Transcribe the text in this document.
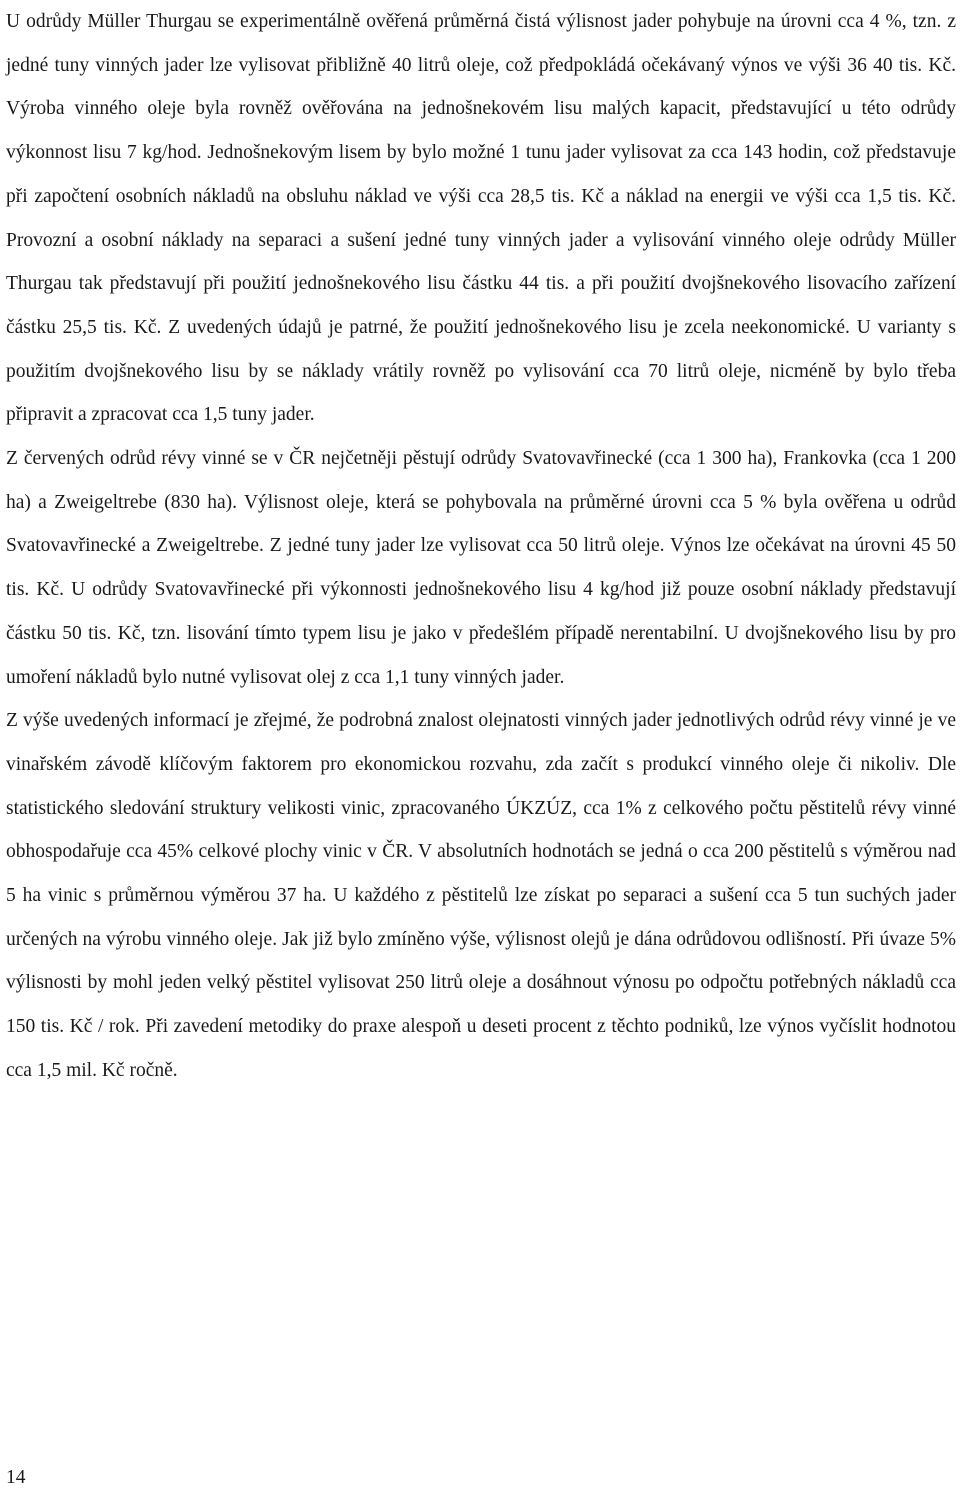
U odrůdy Müller Thurgau se experimentálně ověřená průměrná čistá výlisnost jader pohybuje na úrovni cca 4 %, tzn. z jedné tuny vinných jader lze vylisovat přibližně 40 litrů oleje, což předpokládá očekávaný výnos ve výši 36 40 tis. Kč. Výroba vinného oleje byla rovněž ověřována na jednošnekovém lisu malých kapacit, představující u této odrůdy výkonnost lisu 7 kg/hod. Jednošnekovým lisem by bylo možné 1 tunu jader vylisovat za cca 143 hodin, což představuje při započtení osobních nákladů na obsluhu náklad ve výši cca 28,5 tis. Kč a náklad na energii ve výši cca 1,5 tis. Kč. Provozní a osobní náklady na separaci a sušení jedné tuny vinných jader a vylisování vinného oleje odrůdy Müller Thurgau tak představují při použití jednošnekového lisu částku 44 tis. a při použití dvojšnekového lisovacího zařízení částku 25,5 tis. Kč. Z uvedených údajů je patrné, že použití jednošnekového lisu je zcela neekonomické. U varianty s použitím dvojšnekového lisu by se náklady vrátily rovněž po vylisování cca 70 litrů oleje, nicméně by bylo třeba připravit a zpracovat cca 1,5 tuny jader.

Z červených odrůd révy vinné se v ČR nejčetněji pěstují odrůdy Svatovavřinecké (cca 1 300 ha), Frankovka (cca 1 200 ha) a Zweigeltrebe (830 ha). Výlisnost oleje, která se pohybovala na průměrné úrovni cca 5 % byla ověřena u odrůd Svatovavřinecké a Zweigeltrebe. Z jedné tuny jader lze vylisovat cca 50 litrů oleje. Výnos lze očekávat na úrovni 45 50 tis. Kč. U odrůdy Svatovavřinecké při výkonnosti jednošnekového lisu 4 kg/hod již pouze osobní náklady představují částku 50 tis. Kč, tzn. lisování tímto typem lisu je jako v předešlém případě nerentabilní. U dvojšnekového lisu by pro umoření nákladů bylo nutné vylisovat olej z cca 1,1 tuny vinných jader.

Z výše uvedených informací je zřejmé, že podrobná znalost olejnatosti vinných jader jednotlivých odrůd révy vinné je ve vinařském závodě klíčovým faktorem pro ekonomickou rozvahu, zda začít s produkcí vinného oleje či nikoliv. Dle statistického sledování struktury velikosti vinic, zpracovaného ÚKZÚZ, cca 1% z celkového počtu pěstitelů révy vinné obhospodařuje cca 45% celkové plochy vinic v ČR. V absolutních hodnotách se jedná o cca 200 pěstitelů s výměrou nad 5 ha vinic s průměrnou výměrou 37 ha. U každého z pěstitelů lze získat po separaci a sušení cca 5 tun suchých jader určených na výrobu vinného oleje. Jak již bylo zmíněno výše, výlisnost olejů je dána odrůdovou odlišností. Při úvaze 5% výlisnosti by mohl jeden velký pěstitel vylisovat 250 litrů oleje a dosáhnout výnosu po odpočtu potřebných nákladů cca 150 tis. Kč / rok. Při zavedení metodiky do praxe alespoň u deseti procent z těchto podniků, lze výnos vyčíslit hodnotou cca 1,5 mil. Kč ročně.

14
